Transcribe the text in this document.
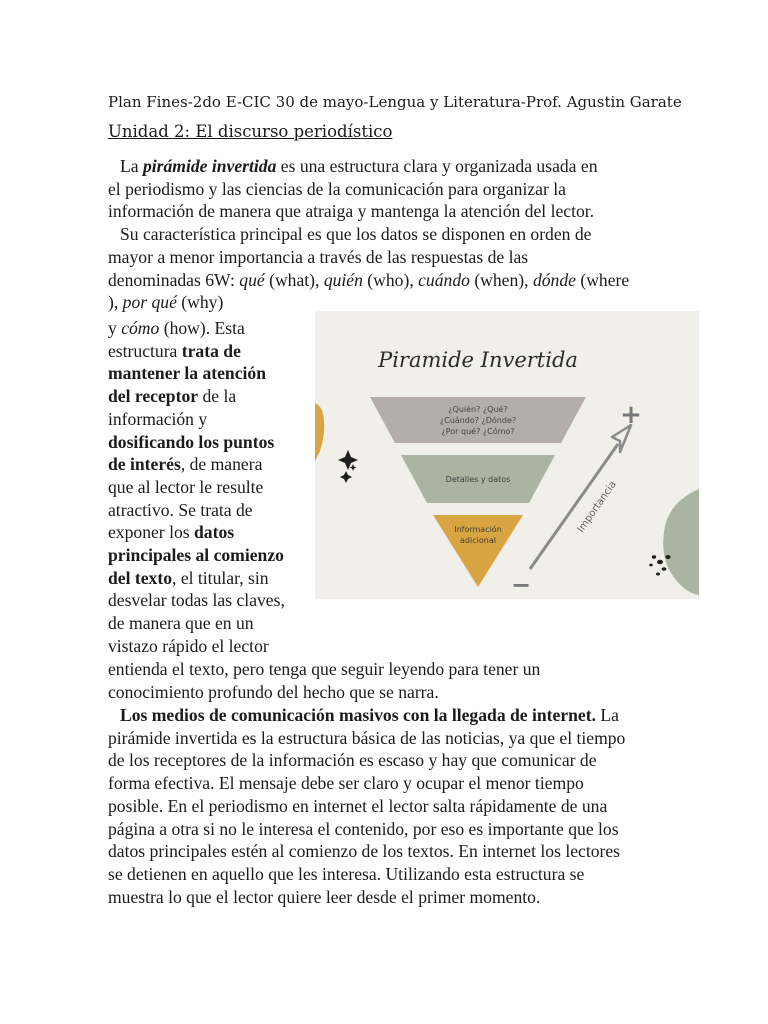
Plan Fines-2do E-CIC 30 de mayo-Lengua y Literatura-Prof. Agustin Garate
Unidad 2: El discurso periodístico
La pirámide invertida es una estructura clara y organizada usada en
el periodismo y las ciencias de la comunicación para organizar la
información de manera que atraiga y mantenga la atención del lector.
Su característica principal es que los datos se disponen en orden de
mayor a menor importancia a través de las respuestas de las
denominadas 6W: qué (what), quién (who), cuándo (when), dónde (where
), por qué (why)
y cómo (how). Esta
estructura trata de
mantener la atención
del receptor de la
información y
dosificando los puntos
de interés, de manera
que al lector le resulte
atractivo. Se trata de
exponer los datos
principales al comienzo
del texto, el titular, sin
desvelar todas las claves,
de manera que en un
vistazo rápido el lector
Piramide Invertida
¿Quién? ¿Qué?
¿Cuándo? ¿Dónde?
¿Por qué? ¿Cómo?
Detalles y datos
Información
adicional
Importancia
+
−
entienda el texto, pero tenga que seguir leyendo para tener un
conocimiento profundo del hecho que se narra.
Los medios de comunicación masivos con la llegada de internet. La
pirámide invertida es la estructura básica de las noticias, ya que el tiempo
de los receptores de la información es escaso y hay que comunicar de
forma efectiva. El mensaje debe ser claro y ocupar el menor tiempo
posible. En el periodismo en internet el lector salta rápidamente de una
página a otra si no le interesa el contenido, por eso es importante que los
datos principales estén al comienzo de los textos. En internet los lectores
se detienen en aquello que les interesa. Utilizando esta estructura se
muestra lo que el lector quiere leer desde el primer momento.
